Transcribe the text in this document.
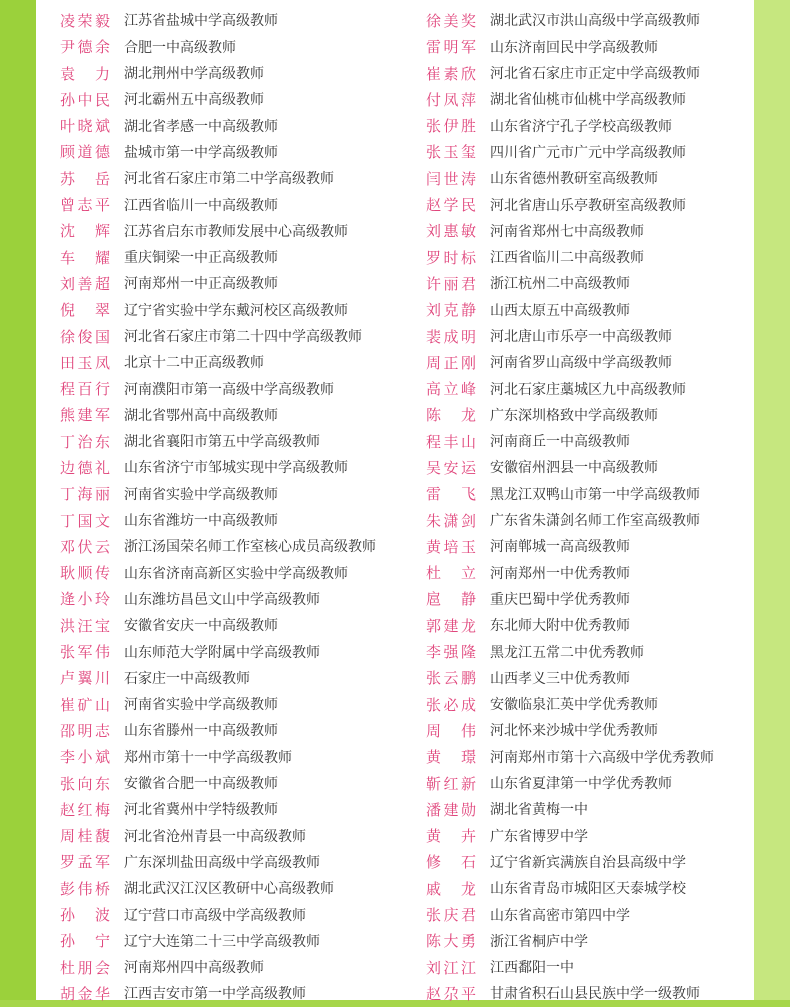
凌荣毅 江苏省盐城中学高级教师
尹德余 合肥一中高级教师
袁 力 湖北荆州中学高级教师
孙中民 河北霸州五中高级教师
叶晓斌 湖北省孝感一中高级教师
顾道德 盐城市第一中学高级教师
苏 岳 河北省石家庄市第二中学高级教师
曾志平 江西省临川一中高级教师
沈 辉 江苏省启东市教师发展中心高级教师
车 耀 重庆铜梁一中正高级教师
刘善超 河南郑州一中正高级教师
倪 翠 辽宁省实验中学东戴河校区高级教师
徐俊国 河北省石家庄市第二十四中学高级教师
田玉凤 北京十二中正高级教师
程百行 河南濮阳市第一高级中学高级教师
熊建军 湖北省鄂州高中高级教师
丁治东 湖北省襄阳市第五中学高级教师
边德礼 山东省济宁市邹城实现中学高级教师
丁海丽 河南省实验中学高级教师
丁国文 山东省潍坊一中高级教师
邓伏云 浙江汤国荣名师工作室核心成员高级教师
耿顺传 山东省济南高新区实验中学高级教师
逄小玲 山东潍坊昌邑文山中学高级教师
洪汪宝 安徽省安庆一中高级教师
张军伟 山东师范大学附属中学高级教师
卢翼川 石家庄一中高级教师
崔矿山 河南省实验中学高级教师
邵明志 山东省滕州一中高级教师
李小斌 郑州市第十一中学高级教师
张向东 安徽省合肥一中高级教师
赵红梅 河北省冀州中学特级教师
周桂馥 河北省沧州青县一中高级教师
罗孟军 广东深圳盐田高级中学高级教师
彭伟桥 湖北武汉江汉区教研中心高级教师
孙 波 辽宁营口市高级中学高级教师
孙 宁 辽宁大连第二十三中学高级教师
杜朋会 河南郑州四中高级教师
胡金华 江西吉安市第一中学高级教师
徐美奖 湖北武汉市洪山高级中学高级教师
雷明军 山东济南回民中学高级教师
崔素欣 河北省石家庄市正定中学高级教师
付凤萍 湖北省仙桃市仙桃中学高级教师
张伊胜 山东省济宁孔子学校高级教师
张玉玺 四川省广元市广元中学高级教师
闫世涛 山东省德州教研室高级教师
赵学民 河北省唐山乐亭教研室高级教师
刘惠敏 河南省郑州七中高级教师
罗时标 江西省临川二中高级教师
许丽君 浙江杭州二中高级教师
刘克静 山西太原五中高级教师
裴成明 河北唐山市乐亭一中高级教师
周正刚 河南省罗山高级中学高级教师
高立峰 河北石家庄藁城区九中高级教师
陈 龙 广东深圳格致中学高级教师
程丰山 河南商丘一中高级教师
吴安运 安徽宿州泗县一中高级教师
雷 飞 黑龙江双鸭山市第一中学高级教师
朱潇剑 广东省朱潇剑名师工作室高级教师
黄培玉 河南郸城一高高级教师
杜 立 河南郑州一中优秀教师
扈 静 重庆巴蜀中学优秀教师
郭建龙 东北师大附中优秀教师
李强隆 黑龙江五常二中优秀教师
张云鹏 山西孝义三中优秀教师
张必成 安徽临泉汇英中学优秀教师
周 伟 河北怀来沙城中学优秀教师
黄 璟 河南郑州市第十六高级中学优秀教师
靳红新 山东省夏津第一中学优秀教师
潘建勋 湖北省黄梅一中
黄 卉 广东省博罗中学
修 石 辽宁省新宾满族自治县高级中学
戚 龙 山东省青岛市城阳区天泰城学校
张庆君 山东省高密市第四中学
陈大勇 浙江省桐庐中学
刘江江 江西鄱阳一中
赵尕平 甘肃省积石山县民族中学一级教师
